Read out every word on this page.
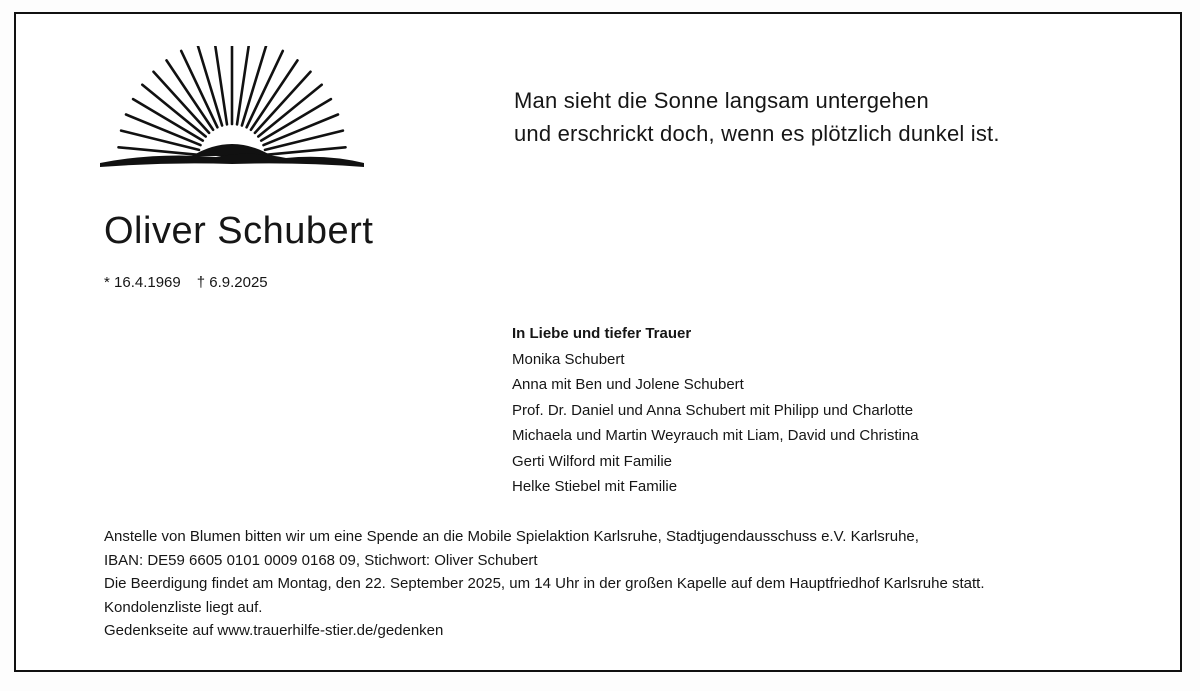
Man sieht die Sonne langsam untergehen
und erschrickt doch, wenn es plötzlich dunkel ist.
Oliver Schubert
* 16.4.1969 † 6.9.2025
In Liebe und tiefer Trauer
Monika Schubert
Anna mit Ben und Jolene Schubert
Prof. Dr. Daniel und Anna Schubert mit Philipp und Charlotte
Michaela und Martin Weyrauch mit Liam, David und Christina
Gerti Wilford mit Familie
Helke Stiebel mit Familie
Anstelle von Blumen bitten wir um eine Spende an die Mobile Spielaktion Karlsruhe, Stadtjugendausschuss e.V. Karlsruhe,
IBAN: DE59 6605 0101 0009 0168 09, Stichwort: Oliver Schubert
Die Beerdigung findet am Montag, den 22. September 2025, um 14 Uhr in der großen Kapelle auf dem Hauptfriedhof Karlsruhe statt.
Kondolenzliste liegt auf.
Gedenkseite auf www.trauerhilfe-stier.de/gedenken
